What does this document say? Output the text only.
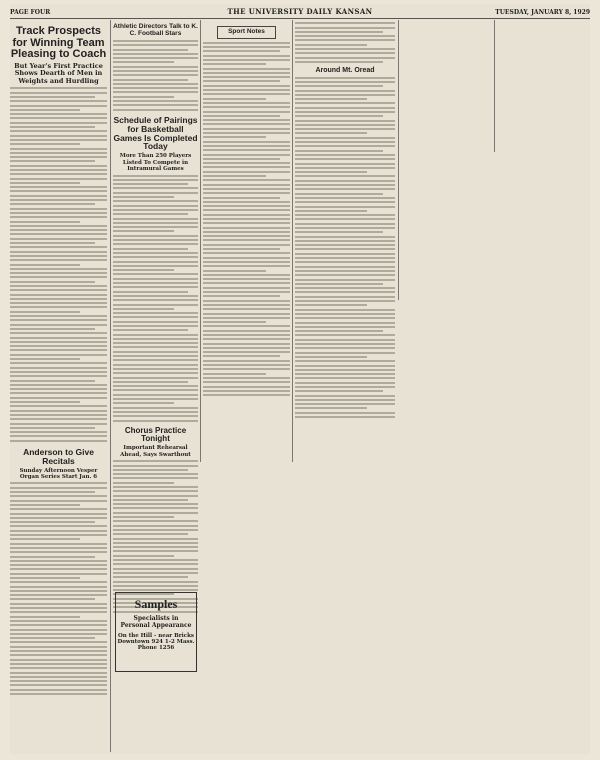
PAGE FOUR	THE UNIVERSITY DAILY KANSAN	TUESDAY, JANUARY 8, 1929
Track Prospects for Winning Team Pleasing to Coach
But Year's First Practice Shows Dearth of Men in Weights and Hurdling
Anderson to Give Recitals
Sunday Afternoon Vesper Organ Series Start Jan. 6
Athletic Directors Talk to K. C. Football Stars
Schedule of Pairings for Basketball Games Is Completed Today
More Than 250 Players Listed To Compete in Intramural Games
Chorus Practice Tonight
Important Rehearsal Ahead, Says Swarthout
Samples
Specialists in Personal Appearance
On the Hill - near Bricks
Downtown 924 1-2 Mass.
Phone 1256
Sport Notes
Around Mt. Oread
